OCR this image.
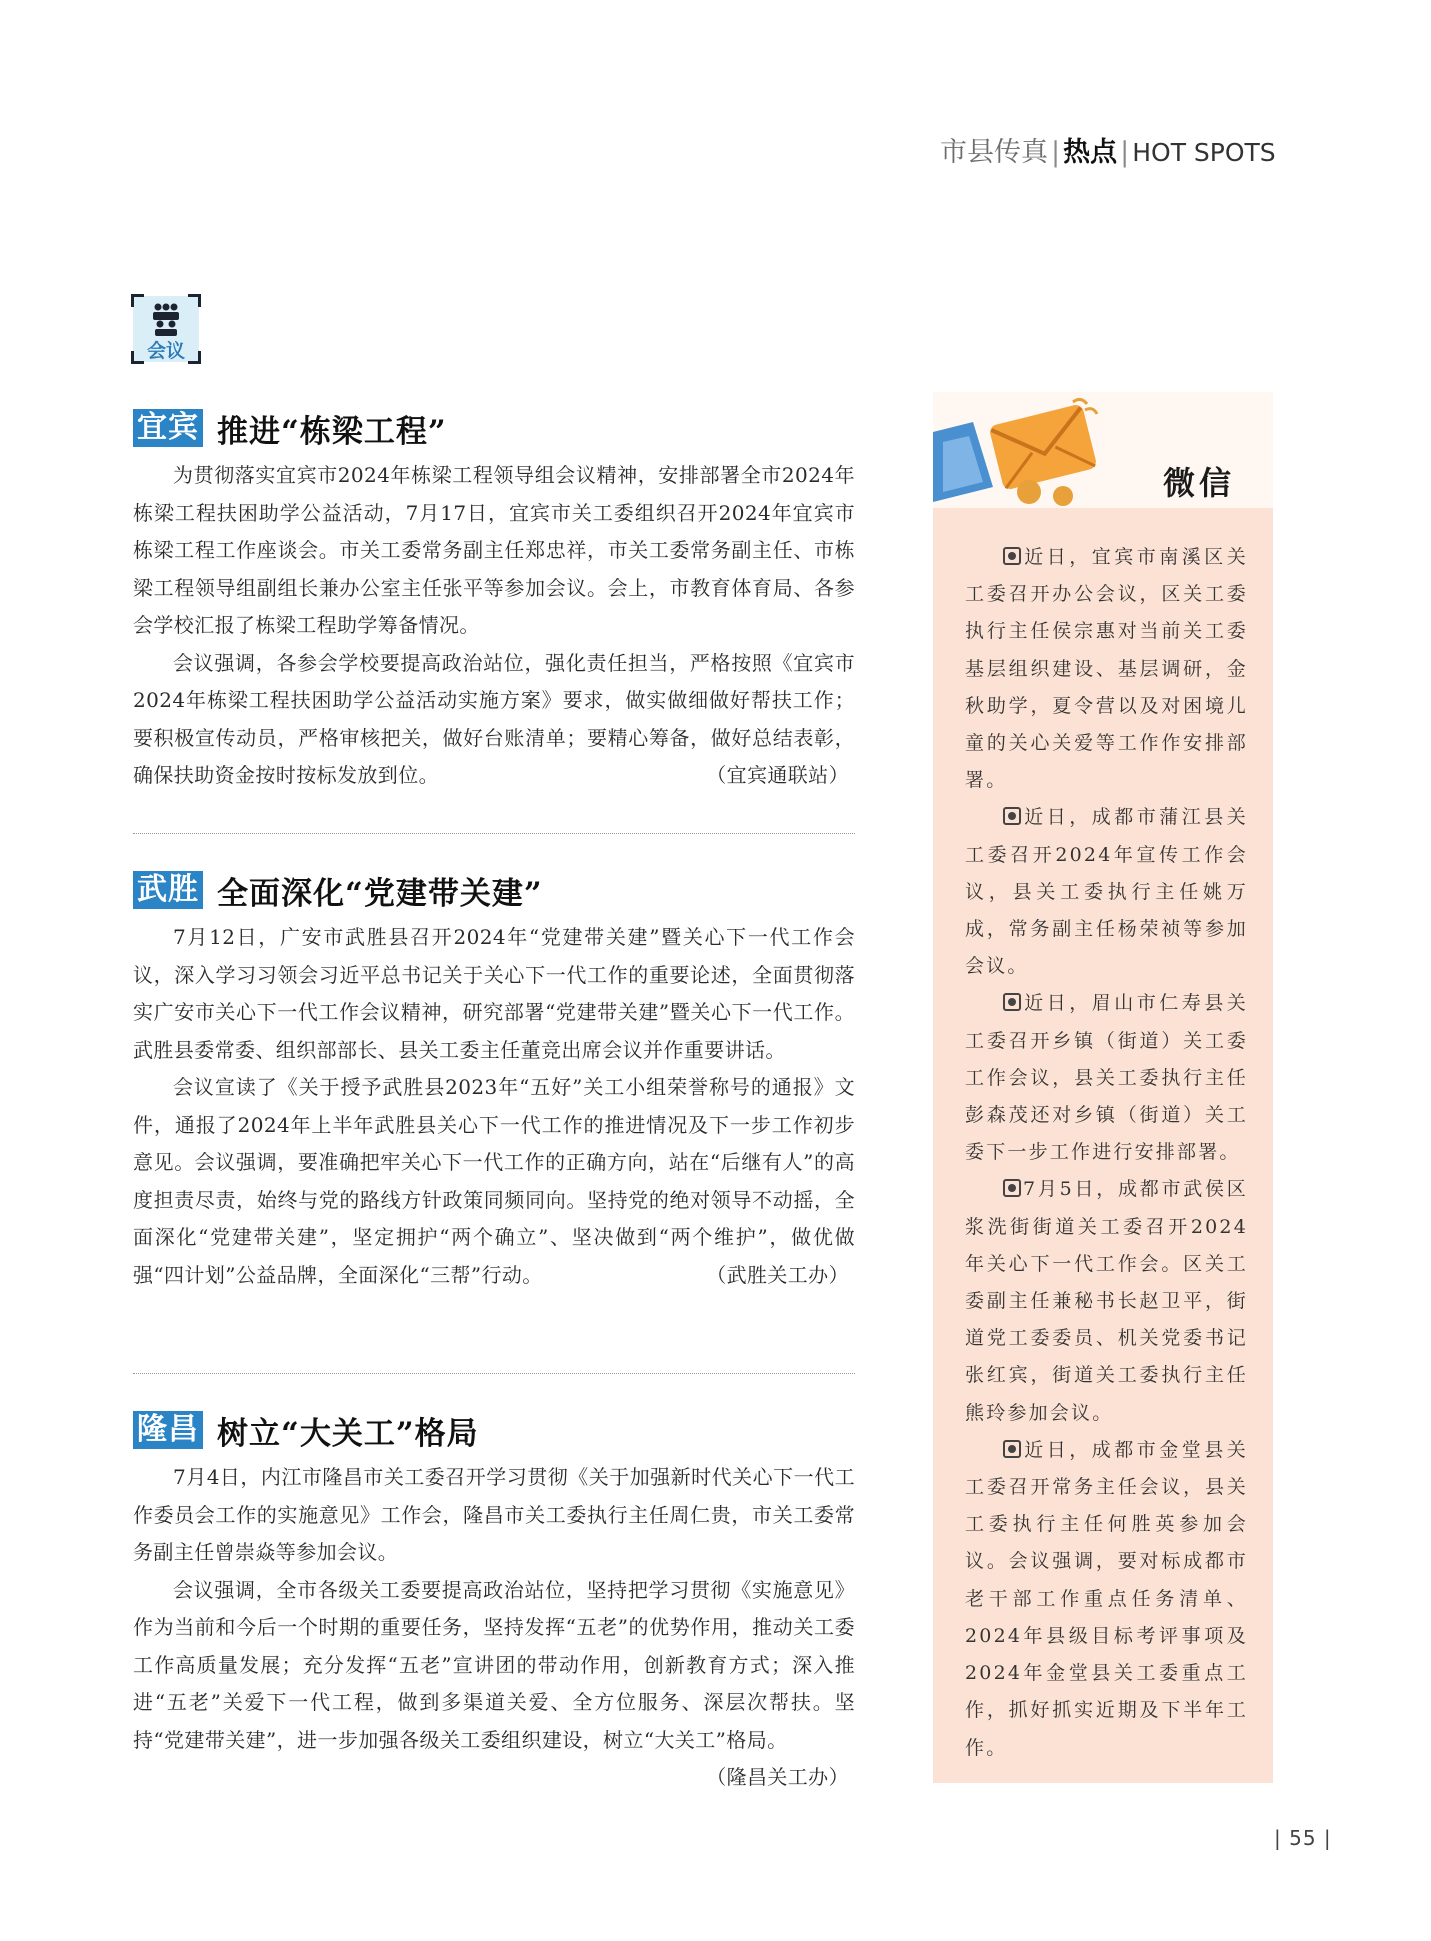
市县传真 | 热点 | HOT SPOTS
会议
宜宾 推进“栋梁工程”

为贯彻落实宜宾市2024年栋梁工程领导组会议精神，安排部署全市2024年栋梁工程扶困助学公益活动，7月17日，宜宾市关工委组织召开2024年宜宾市栋梁工程工作座谈会。市关工委常务副主任郑忠祥，市关工委常务副主任、市栋梁工程领导组副组长兼办公室主任张平等参加会议。会上，市教育体育局、各参会学校汇报了栋梁工程助学筹备情况。

会议强调，各参会学校要提高政治站位，强化责任担当，严格按照《宜宾市2024年栋梁工程扶困助学公益活动实施方案》要求，做实做细做好帮扶工作；要积极宣传动员，严格审核把关，做好台账清单；要精心筹备，做好总结表彰，确保扶助资金按时按标发放到位。	（宜宾通联站）

武胜 全面深化“党建带关建”

7月12日，广安市武胜县召开2024年“党建带关建”暨关心下一代工作会议，深入学习习领会习近平总书记关于关心下一代工作的重要论述，全面贯彻落实广安市关心下一代工作会议精神，研究部署“党建带关建”暨关心下一代工作。武胜县委常委、组织部部长、县关工委主任董竞出席会议并作重要讲话。

会议宣读了《关于授予武胜县2023年“五好”关工小组荣誉称号的通报》文件，通报了2024年上半年武胜县关心下一代工作的推进情况及下一步工作初步意见。会议强调，要准确把牢关心下一代工作的正确方向，站在“后继有人”的高度担责尽责，始终与党的路线方针政策同频同向。坚持党的绝对领导不动摇，全面深化“党建带关建”，坚定拥护“两个确立”、坚决做到“两个维护”，做优做强“四计划”公益品牌，全面深化“三帮”行动。	（武胜关工办）

隆昌 树立“大关工”格局

7月4日，内江市隆昌市关工委召开学习贯彻《关于加强新时代关心下一代工作委员会工作的实施意见》工作会，隆昌市关工委执行主任周仁贵，市关工委常务副主任曾崇焱等参加会议。

会议强调，全市各级关工委要提高政治站位，坚持把学习贯彻《实施意见》作为当前和今后一个时期的重要任务，坚持发挥“五老”的优势作用，推动关工委工作高质量发展；充分发挥“五老”宣讲团的带动作用，创新教育方式；深入推进“五老”关爱下一代工程，做到多渠道关爱、全方位服务、深层次帮扶。坚持“党建带关建”，进一步加强各级关工委组织建设，树立“大关工”格局。
（隆昌关工办）

微信

近日，宜宾市南溪区关工委召开办公会议，区关工委执行主任侯宗惠对当前关工委基层组织建设、基层调研，金秋助学，夏令营以及对困境儿童的关心关爱等工作作安排部署。

近日，成都市蒲江县关工委召开2024年宣传工作会议，县关工委执行主任姚万成，常务副主任杨荣祯等参加会议。

近日，眉山市仁寿县关工委召开乡镇（街道）关工委工作会议，县关工委执行主任彭森茂还对乡镇（街道）关工委下一步工作进行安排部署。

7月5日，成都市武侯区浆洗街街道关工委召开2024年关心下一代工作会。区关工委副主任兼秘书长赵卫平，街道党工委委员、机关党委书记张红宾，街道关工委执行主任熊玲参加会议。

近日，成都市金堂县关工委召开常务主任会议，县关工委执行主任何胜英参加会议。会议强调，要对标成都市老干部工作重点任务清单、2024年县级目标考评事项及2024年金堂县关工委重点工作，抓好抓实近期及下半年工作。

| 55 |
